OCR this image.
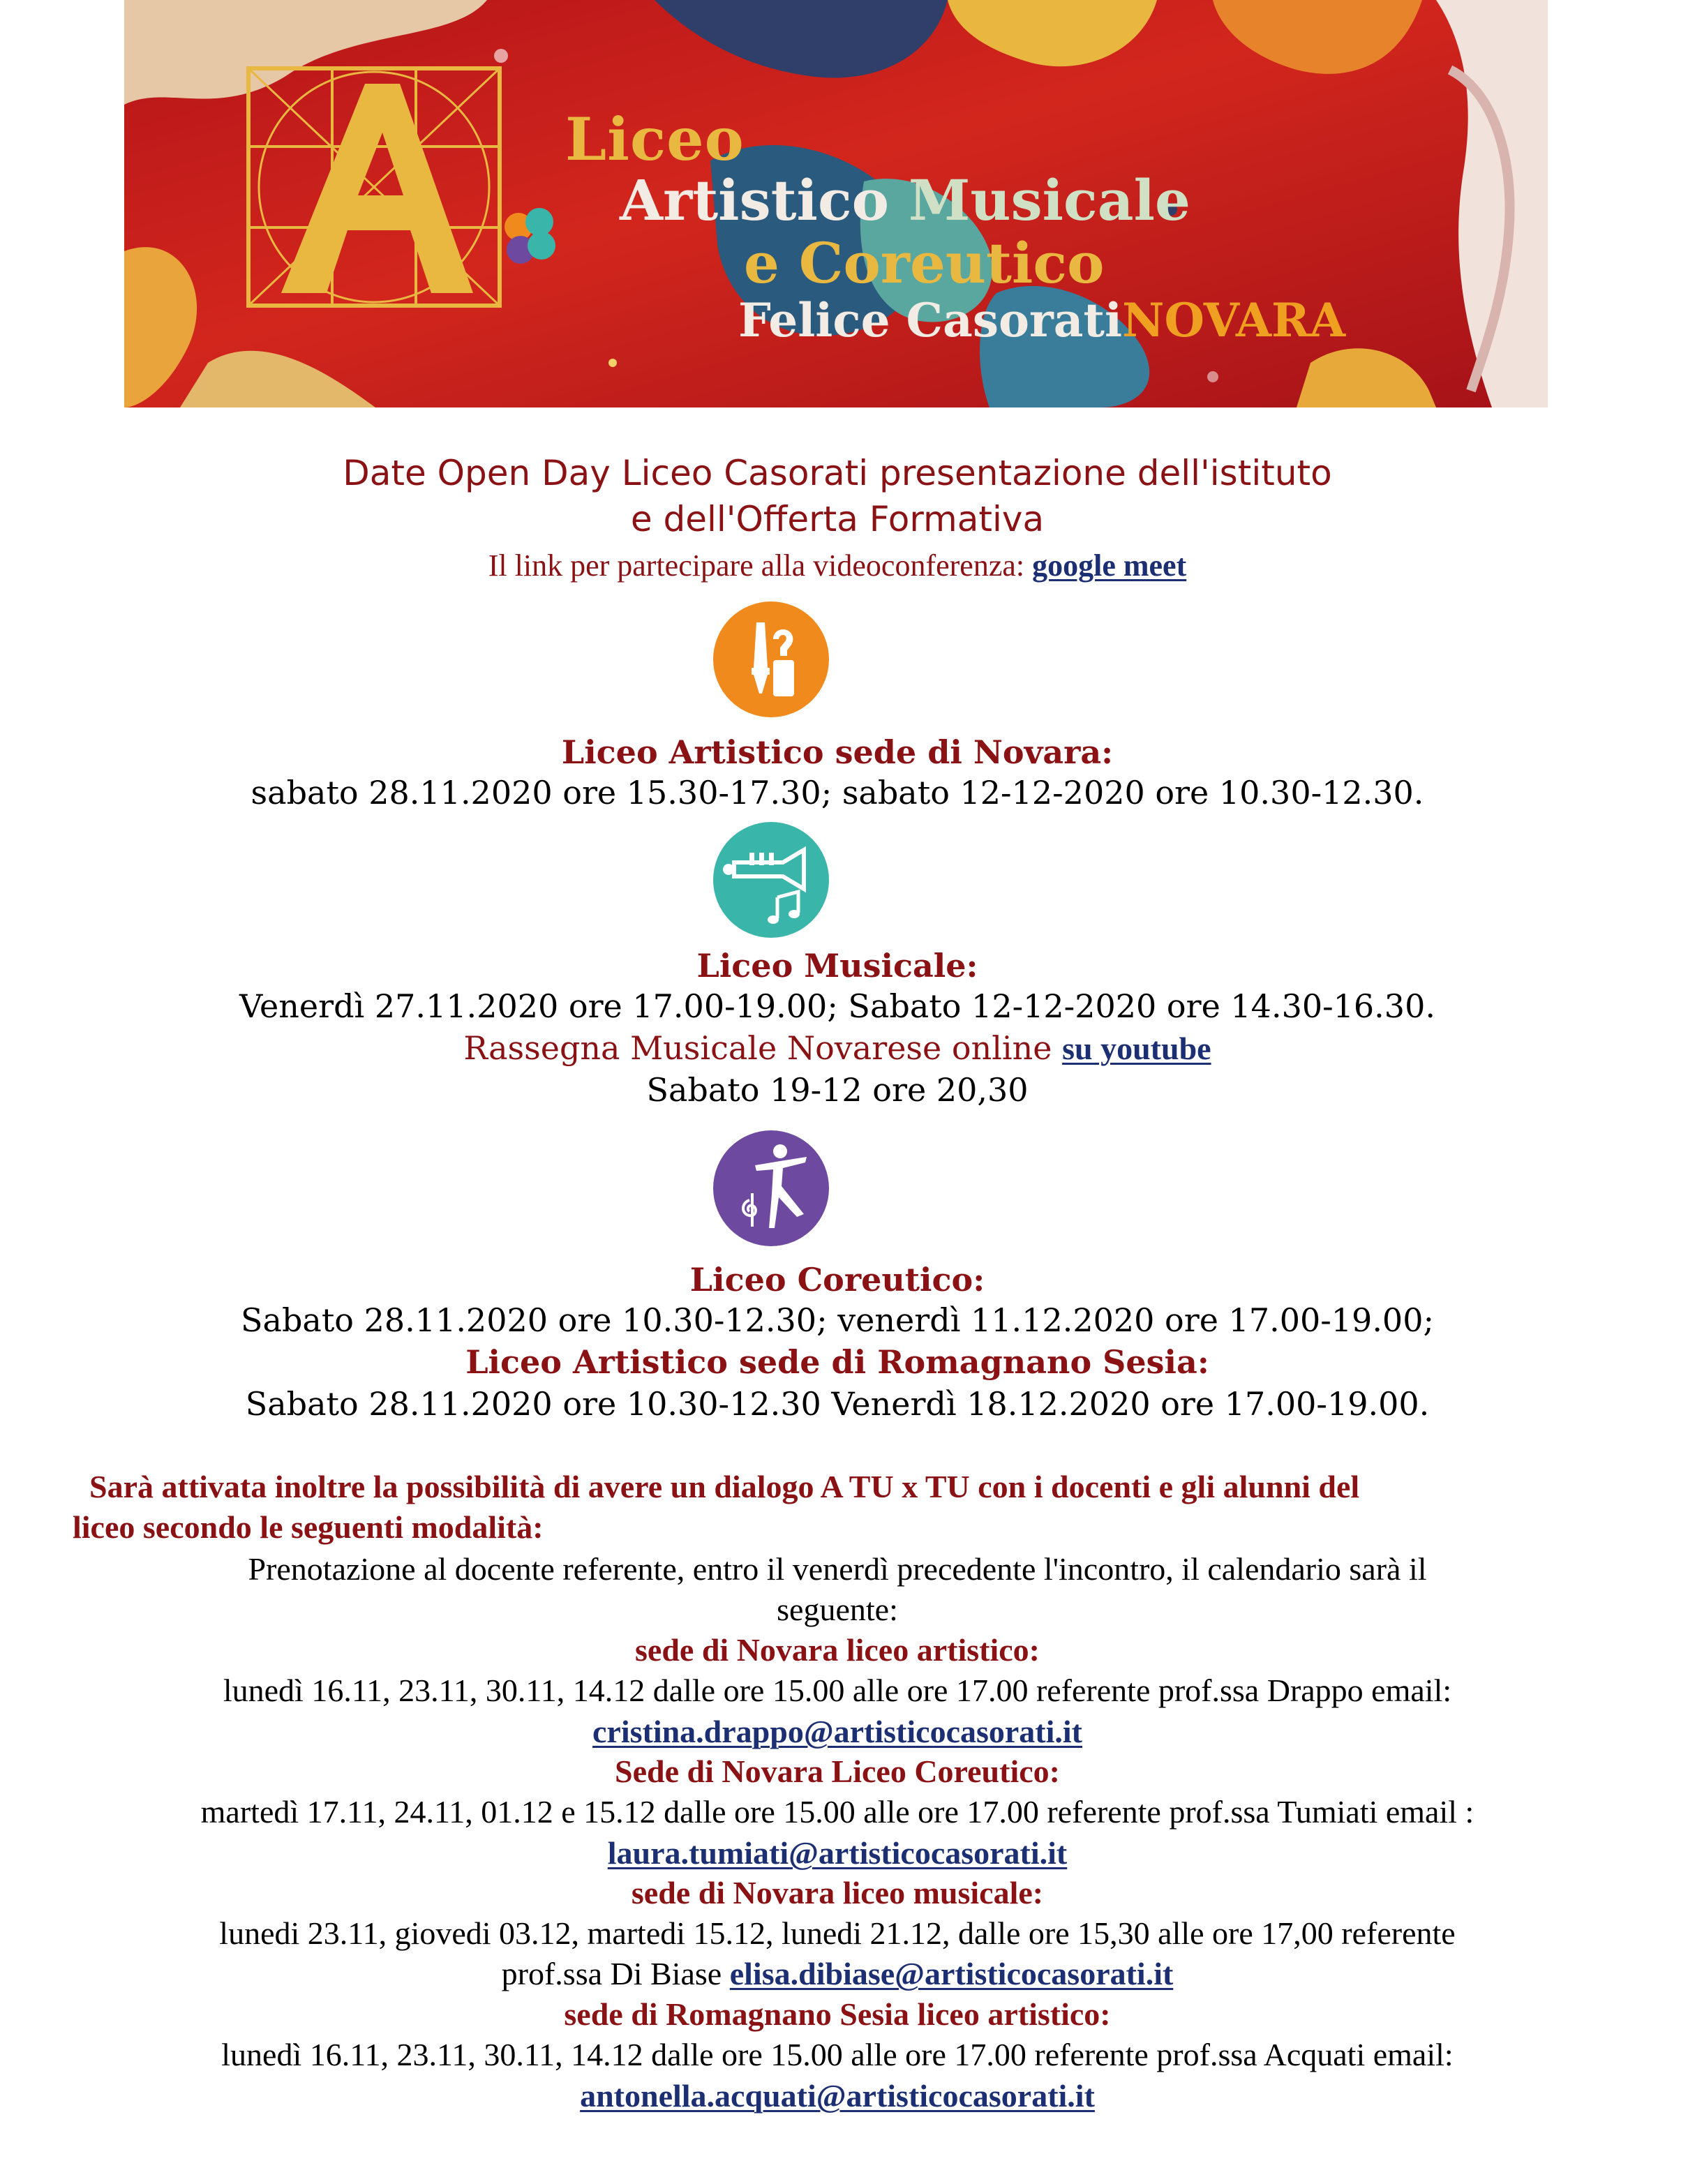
Liceo
Artistico Musicale
e Coreutico
Felice CasoratiNOVARA
Date Open Day Liceo Casorati presentazione dell'istituto
e dell'Offerta Formativa
Il link per partecipare alla videoconferenza: google meet
Liceo Artistico sede di Novara:
sabato 28.11.2020 ore 15.30-17.30; sabato 12-12-2020 ore 10.30-12.30.
Liceo Musicale:
Venerdì 27.11.2020 ore 17.00-19.00; Sabato 12-12-2020 ore 14.30-16.30.
Rassegna Musicale Novarese online su youtube
Sabato 19-12 ore 20,30
Liceo Coreutico:
Sabato 28.11.2020 ore 10.30-12.30; venerdì 11.12.2020 ore 17.00-19.00;
Liceo Artistico sede di Romagnano Sesia:
Sabato 28.11.2020 ore 10.30-12.30 Venerdì 18.12.2020 ore 17.00-19.00.
Sarà attivata inoltre la possibilità di avere un dialogo A TU x TU con i docenti e gli alunni del
liceo secondo le seguenti modalità:
Prenotazione al docente referente, entro il venerdì precedente l'incontro, il calendario sarà il
seguente:
sede di Novara liceo artistico:
lunedì 16.11, 23.11, 30.11, 14.12 dalle ore 15.00 alle ore 17.00 referente prof.ssa Drappo email:
cristina.drappo@artisticocasorati.it
Sede di Novara Liceo Coreutico:
martedì 17.11, 24.11, 01.12 e 15.12 dalle ore 15.00 alle ore 17.00 referente prof.ssa Tumiati email :
laura.tumiati@artisticocasorati.it
sede di Novara liceo musicale:
lunedi 23.11, giovedi 03.12, martedi 15.12, lunedi 21.12, dalle ore 15,30 alle ore 17,00 referente
prof.ssa Di Biase elisa.dibiase@artisticocasorati.it
sede di Romagnano Sesia liceo artistico:
lunedì 16.11, 23.11, 30.11, 14.12 dalle ore 15.00 alle ore 17.00 referente prof.ssa Acquati email:
antonella.acquati@artisticocasorati.it
